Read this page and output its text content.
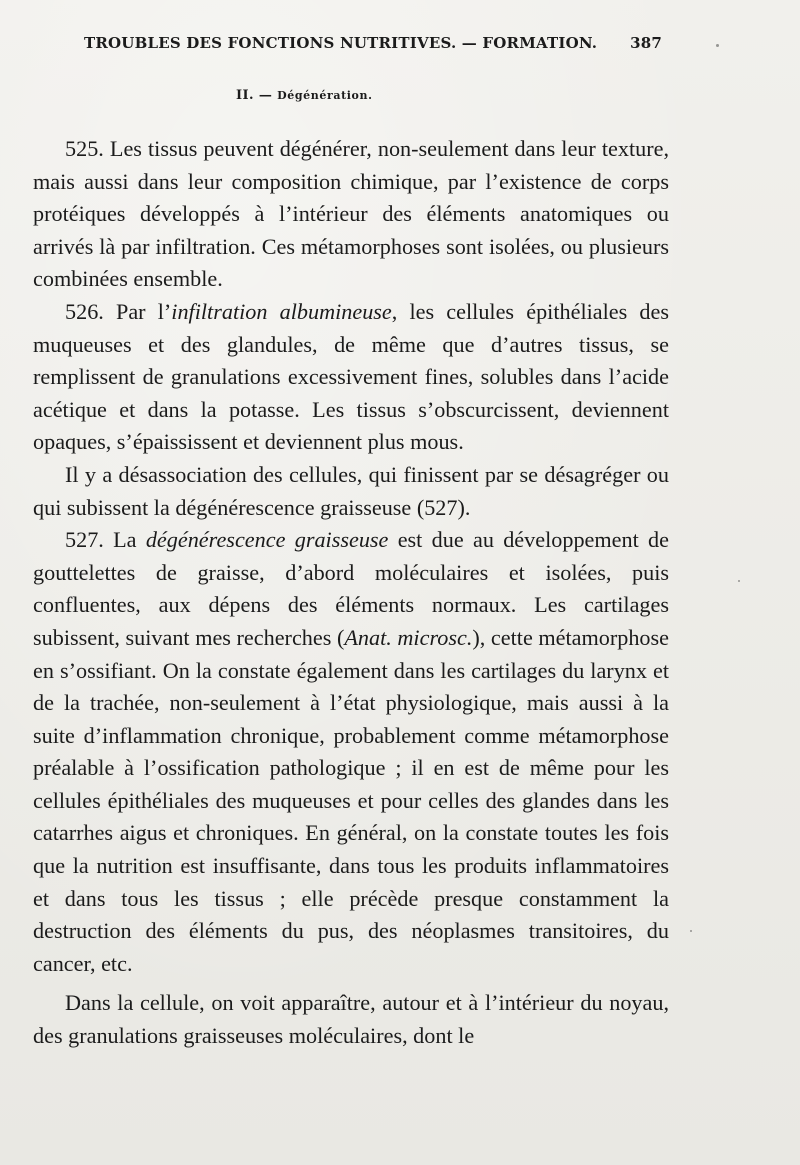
TROUBLES DES FONCTIONS NUTRITIVES. — FORMATION. 387
II. — Dégénération.

525. Les tissus peuvent dégénérer, non-seulement dans leur texture, mais aussi dans leur composition chimique, par l’existence de corps protéiques développés à l’intérieur des éléments anatomiques ou arrivés là par infiltration. Ces métamorphoses sont isolées, ou plusieurs combinées ensemble.

526. Par l’infiltration albumineuse, les cellules épithéliales des muqueuses et des glandules, de même que d’autres tissus, se remplissent de granulations excessivement fines, solubles dans l’acide acétique et dans la potasse. Les tissus s’obscurcissent, deviennent opaques, s’épaississent et deviennent plus mous.

Il y a désassociation des cellules, qui finissent par se désagréger ou qui subissent la dégénérescence graisseuse (527).

527. La dégénérescence graisseuse est due au développement de gouttelettes de graisse, d’abord moléculaires et isolées, puis confluentes, aux dépens des éléments normaux. Les cartilages subissent, suivant mes recherches (Anat. microsc.), cette métamorphose en s’ossifiant. On la constate également dans les cartilages du larynx et de la trachée, non-seulement à l’état physiologique, mais aussi à la suite d’inflammation chronique, probablement comme métamorphose préalable à l’ossification pathologique ; il en est de même pour les cellules épithéliales des muqueuses et pour celles des glandes dans les catarrhes aigus et chroniques. En général, on la constate toutes les fois que la nutrition est insuffisante, dans tous les produits inflammatoires et dans tous les tissus ; elle précède presque constamment la destruction des éléments du pus, des néoplasmes transitoires, du cancer, etc.

Dans la cellule, on voit apparaître, autour et à l’intérieur du noyau, des granulations graisseuses moléculaires, dont le
